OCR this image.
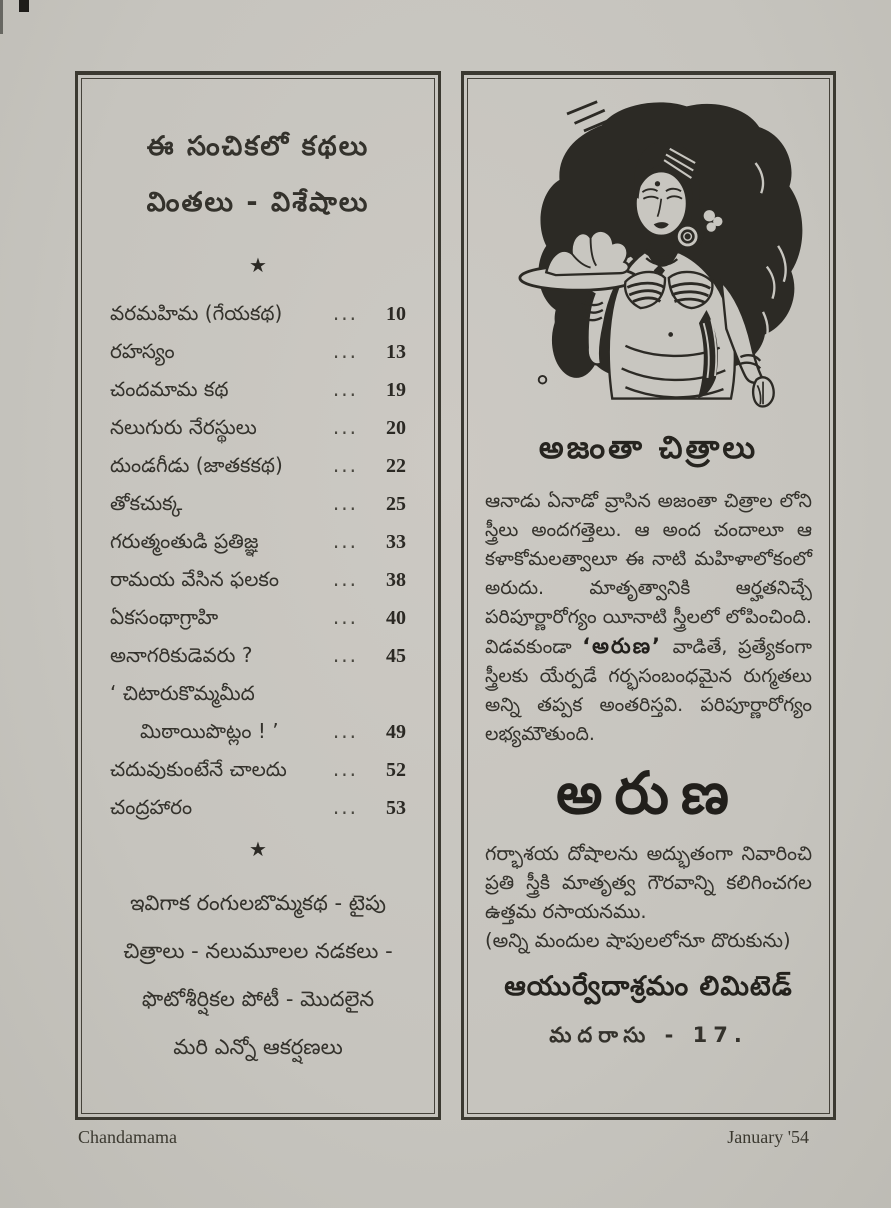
ఈ సంచికలో కథలు
వింతలు - విశేషాలు
★
వరమహిమ (గేయకథ)	...	10
రహస్యం	...	13
చందమామ కథ	...	19
నలుగురు నేరస్థులు	...	20
దుండగీడు (జాతకకథ)	...	22
తోకచుక్క	...	25
గరుత్మంతుడి ప్రతిజ్ఞ	...	33
రామయ వేసిన ఫలకం	...	38
ఏకసంథాగ్రాహి	...	40
అనాగరికుడెవరు ?	...	45
‘ చిటారుకొమ్మమీద
మిఠాయిపొట్లం ! ’	...	49
చదువుకుంటేనే చాలదు ...	52
చంద్రహారం	...	53
★
ఇవిగాక రంగులబొమ్మకథ - టైపు
చిత్రాలు - నలుమూలల నడకలు -
ఫొటోశీర్షికల పోటీ - మొదలైన
మరి ఎన్నో ఆకర్షణలు
అజంతా చిత్రాలు

ఆనాడు ఏనాడో వ్రాసిన అజంతా చిత్రాల లోని స్త్రీలు అందగత్తెలు. ఆ అంద చందాలూ ఆ కళాకోమలత్వాలూ ఈ నాటి మహిళాలోకంలో అరుదు. మాతృత్వానికి ఆర్హతనిచ్చే పరిపూర్ణారోగ్యం యీనాటి స్త్రీలలో లోపించింది. విడవకుండా ‘అరుణ’ వాడితే, ప్రత్యేకంగా స్త్రీలకు యేర్పడే గర్భసంబంధమైన రుగ్మతలు అన్ని తప్పక అంతరిస్తవి. పరిపూర్ణారోగ్యం లభ్యమౌతుంది.

అరుణ

గర్భాశయ దోషాలను అద్భుతంగా నివారించి ప్రతి స్త్రీకి మాతృత్వ గౌరవాన్ని కలిగించగల ఉత్తమ రసాయనము.

(అన్ని మందుల షాపులలోనూ దొరుకును)
ఆయుర్వేదాశ్రమం లిమిటెడ్
మదరాసు - 17.
Chandamama	January '54
